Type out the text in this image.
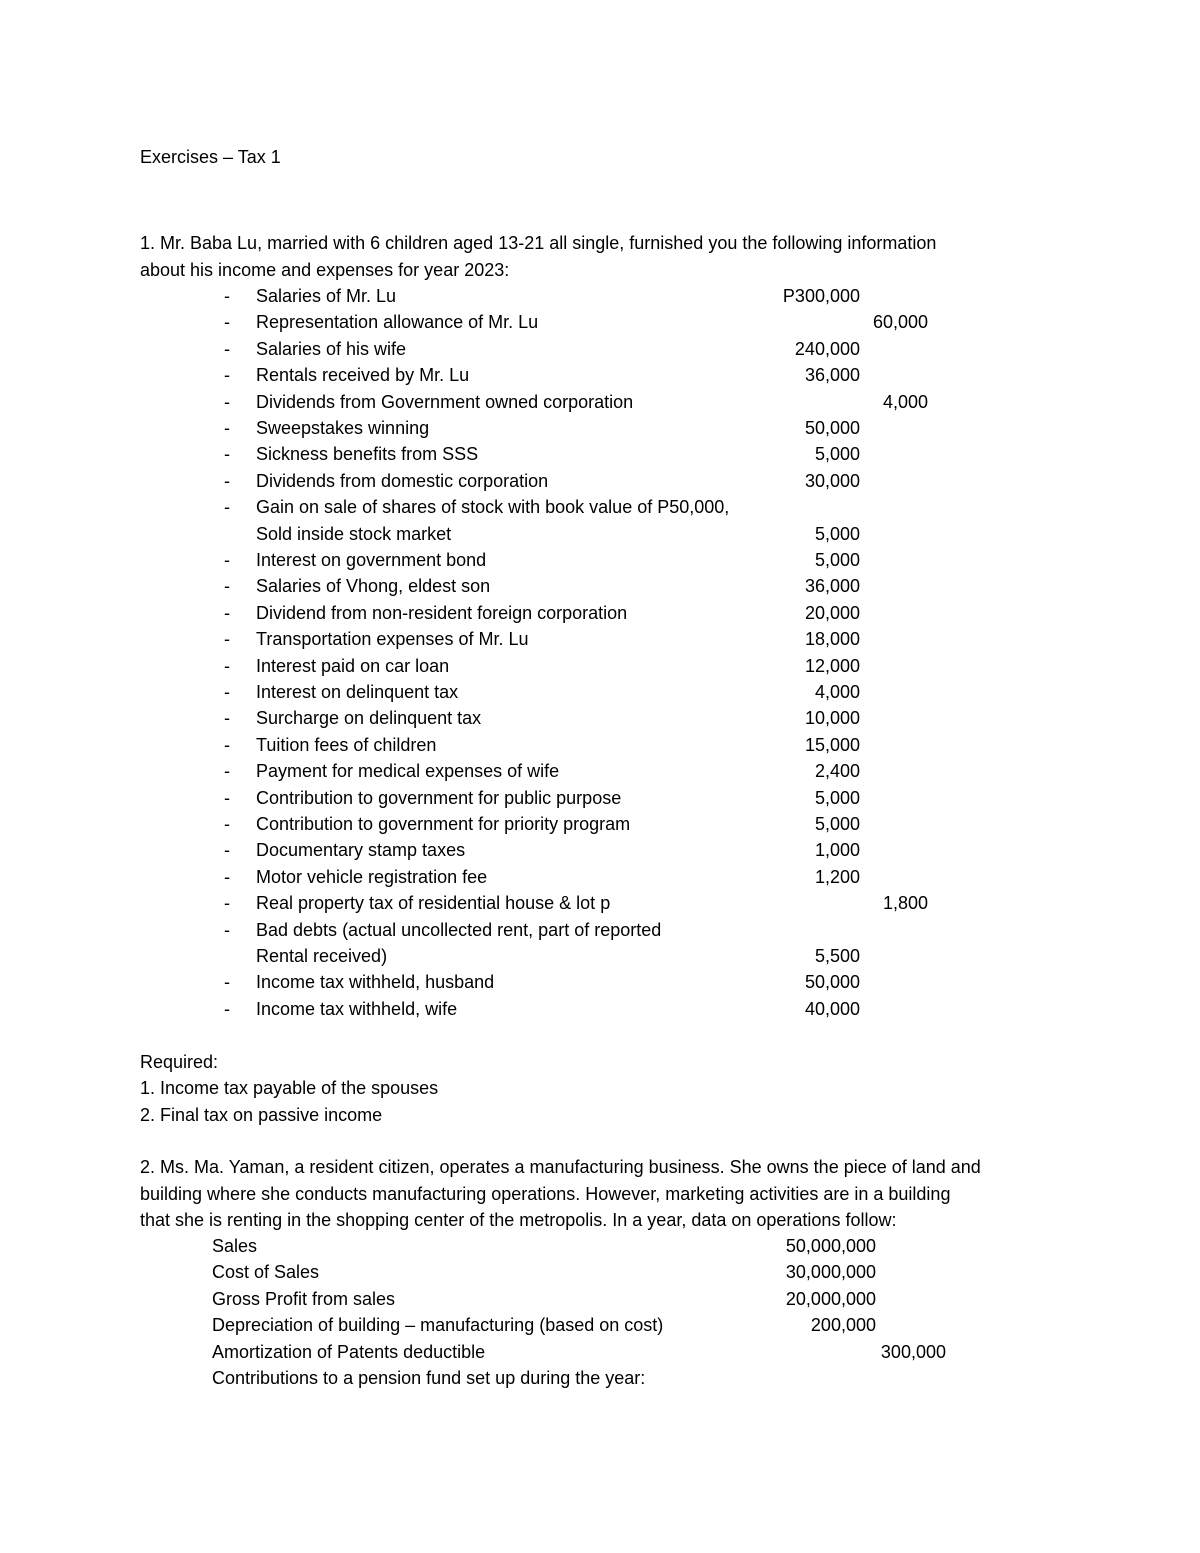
Exercises – Tax 1
1. Mr. Baba Lu, married with 6 children aged 13-21 all single, furnished you the following information
about his income and expenses for year 2023:
- Salaries of Mr. Lu	P300,000
- Representation allowance of Mr. Lu	60,000
- Salaries of his wife	240,000
- Rentals received by Mr. Lu	36,000
- Dividends from Government owned corporation	4,000
- Sweepstakes winning	50,000
- Sickness benefits from SSS	5,000
- Dividends from domestic corporation	30,000
- Gain on sale of shares of stock with book value of P50,000,
Sold inside stock market	5,000
- Interest on government bond	5,000
- Salaries of Vhong, eldest son	36,000
- Dividend from non-resident foreign corporation	20,000
- Transportation expenses of Mr. Lu	18,000
- Interest paid on car loan	12,000
- Interest on delinquent tax	4,000
- Surcharge on delinquent tax	10,000
- Tuition fees of children	15,000
- Payment for medical expenses of wife	2,400
- Contribution to government for public purpose	5,000
- Contribution to government for priority program	5,000
- Documentary stamp taxes	1,000
- Motor vehicle registration fee	1,200
- Real property tax of residential house & lot p	1,800
- Bad debts (actual uncollected rent, part of reported
Rental received)	5,500
- Income tax withheld, husband	50,000
- Income tax withheld, wife	40,000
Required:
1. Income tax payable of the spouses
2. Final tax on passive income
2. Ms. Ma. Yaman, a resident citizen, operates a manufacturing business. She owns the piece of land and
building where she conducts manufacturing operations. However, marketing activities are in a building
that she is renting in the shopping center of the metropolis. In a year, data on operations follow:
Sales	50,000,000
Cost of Sales	30,000,000
Gross Profit from sales	20,000,000
Depreciation of building – manufacturing (based on cost)	200,000
Amortization of Patents deductible	300,000
Contributions to a pension fund set up during the year:
